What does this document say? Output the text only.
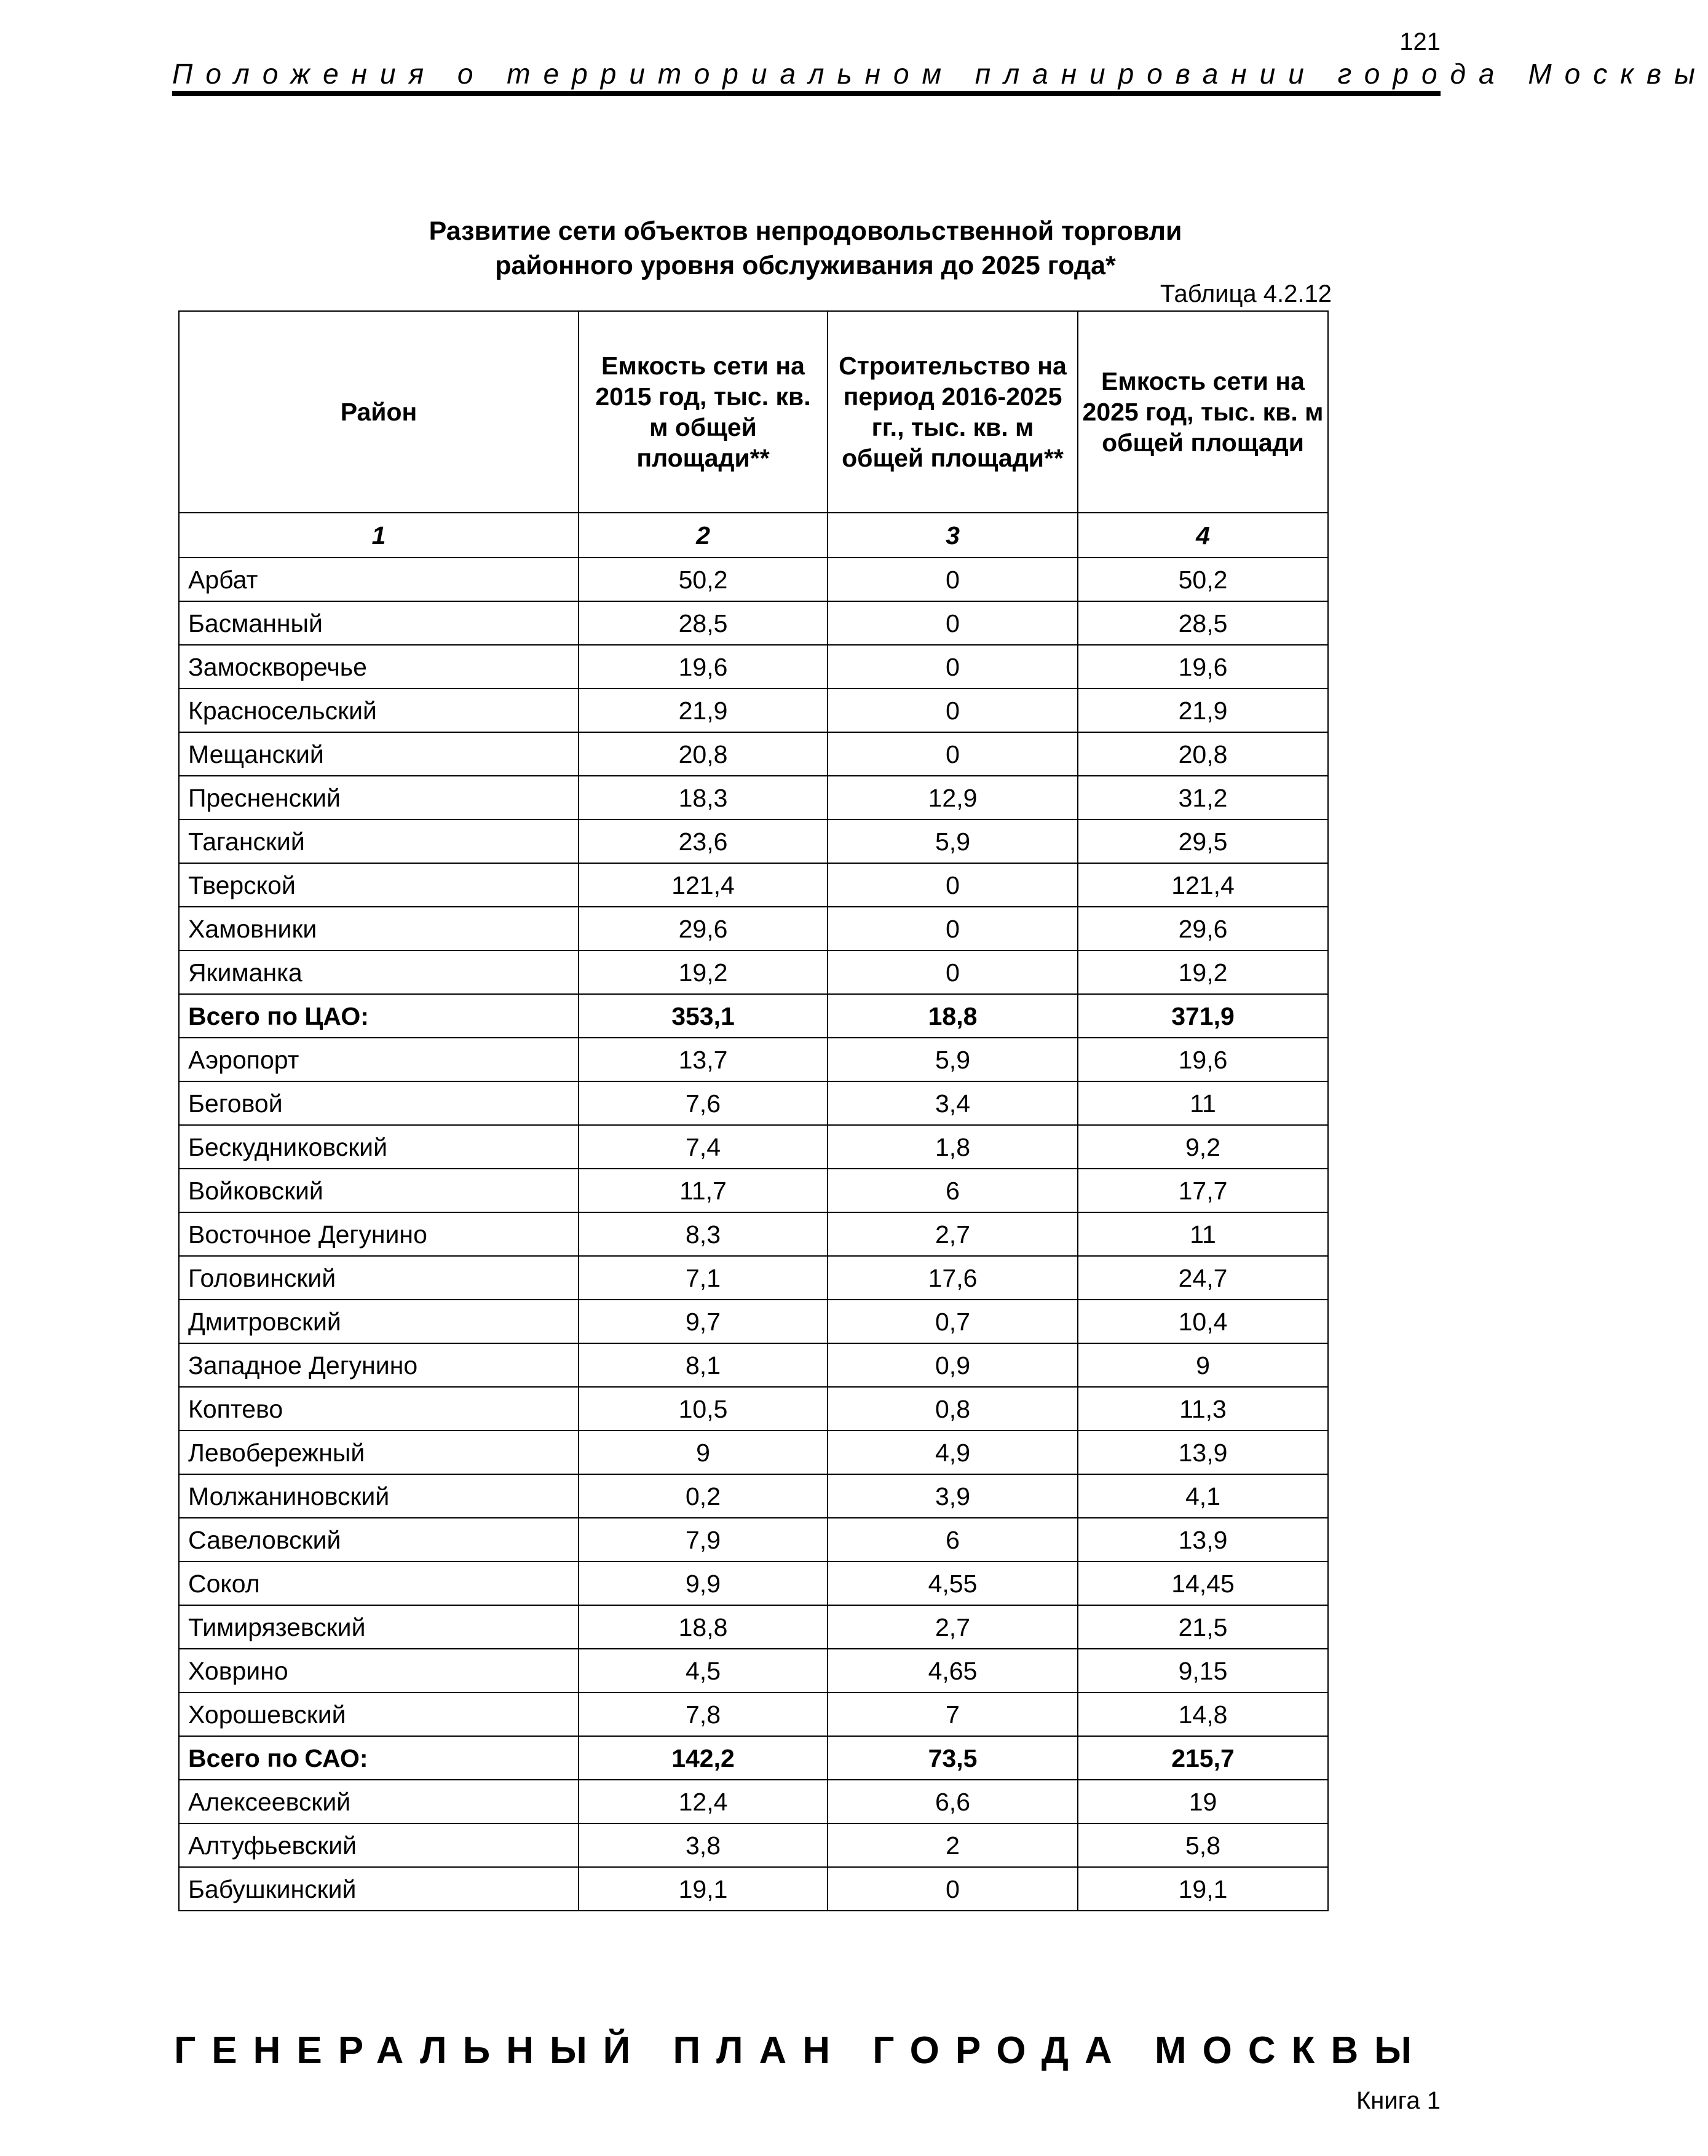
121
Положения о территориальном планировании города Москвы
Развитие сети объектов непродовольственной торговли
районного уровня обслуживания до 2025 года*
Таблица 4.2.12
Район	Емкость сети на 2015 год, тыс. кв. м общей площади**	Строительство на период 2016-2025 гг., тыс. кв. м общей площади**	Емкость сети на 2025 год, тыс. кв. м общей площади
1	2	3	4
Арбат	50,2	0	50,2
Басманный	28,5	0	28,5
Замоскворечье	19,6	0	19,6
Красносельский	21,9	0	21,9
Мещанский	20,8	0	20,8
Пресненский	18,3	12,9	31,2
Таганский	23,6	5,9	29,5
Тверской	121,4	0	121,4
Хамовники	29,6	0	29,6
Якиманка	19,2	0	19,2
Всего по ЦАО:	353,1	18,8	371,9
Аэропорт	13,7	5,9	19,6
Беговой	7,6	3,4	11
Бескудниковский	7,4	1,8	9,2
Войковский	11,7	6	17,7
Восточное Дегунино	8,3	2,7	11
Головинский	7,1	17,6	24,7
Дмитровский	9,7	0,7	10,4
Западное Дегунино	8,1	0,9	9
Коптево	10,5	0,8	11,3
Левобережный	9	4,9	13,9
Молжаниновский	0,2	3,9	4,1
Савеловский	7,9	6	13,9
Сокол	9,9	4,55	14,45
Тимирязевский	18,8	2,7	21,5
Ховрино	4,5	4,65	9,15
Хорошевский	7,8	7	14,8
Всего по САО:	142,2	73,5	215,7
Алексеевский	12,4	6,6	19
Алтуфьевский	3,8	2	5,8
Бабушкинский	19,1	0	19,1
ГЕНЕРАЛЬНЫЙ ПЛАН ГОРОДА МОСКВЫ
Книга 1
